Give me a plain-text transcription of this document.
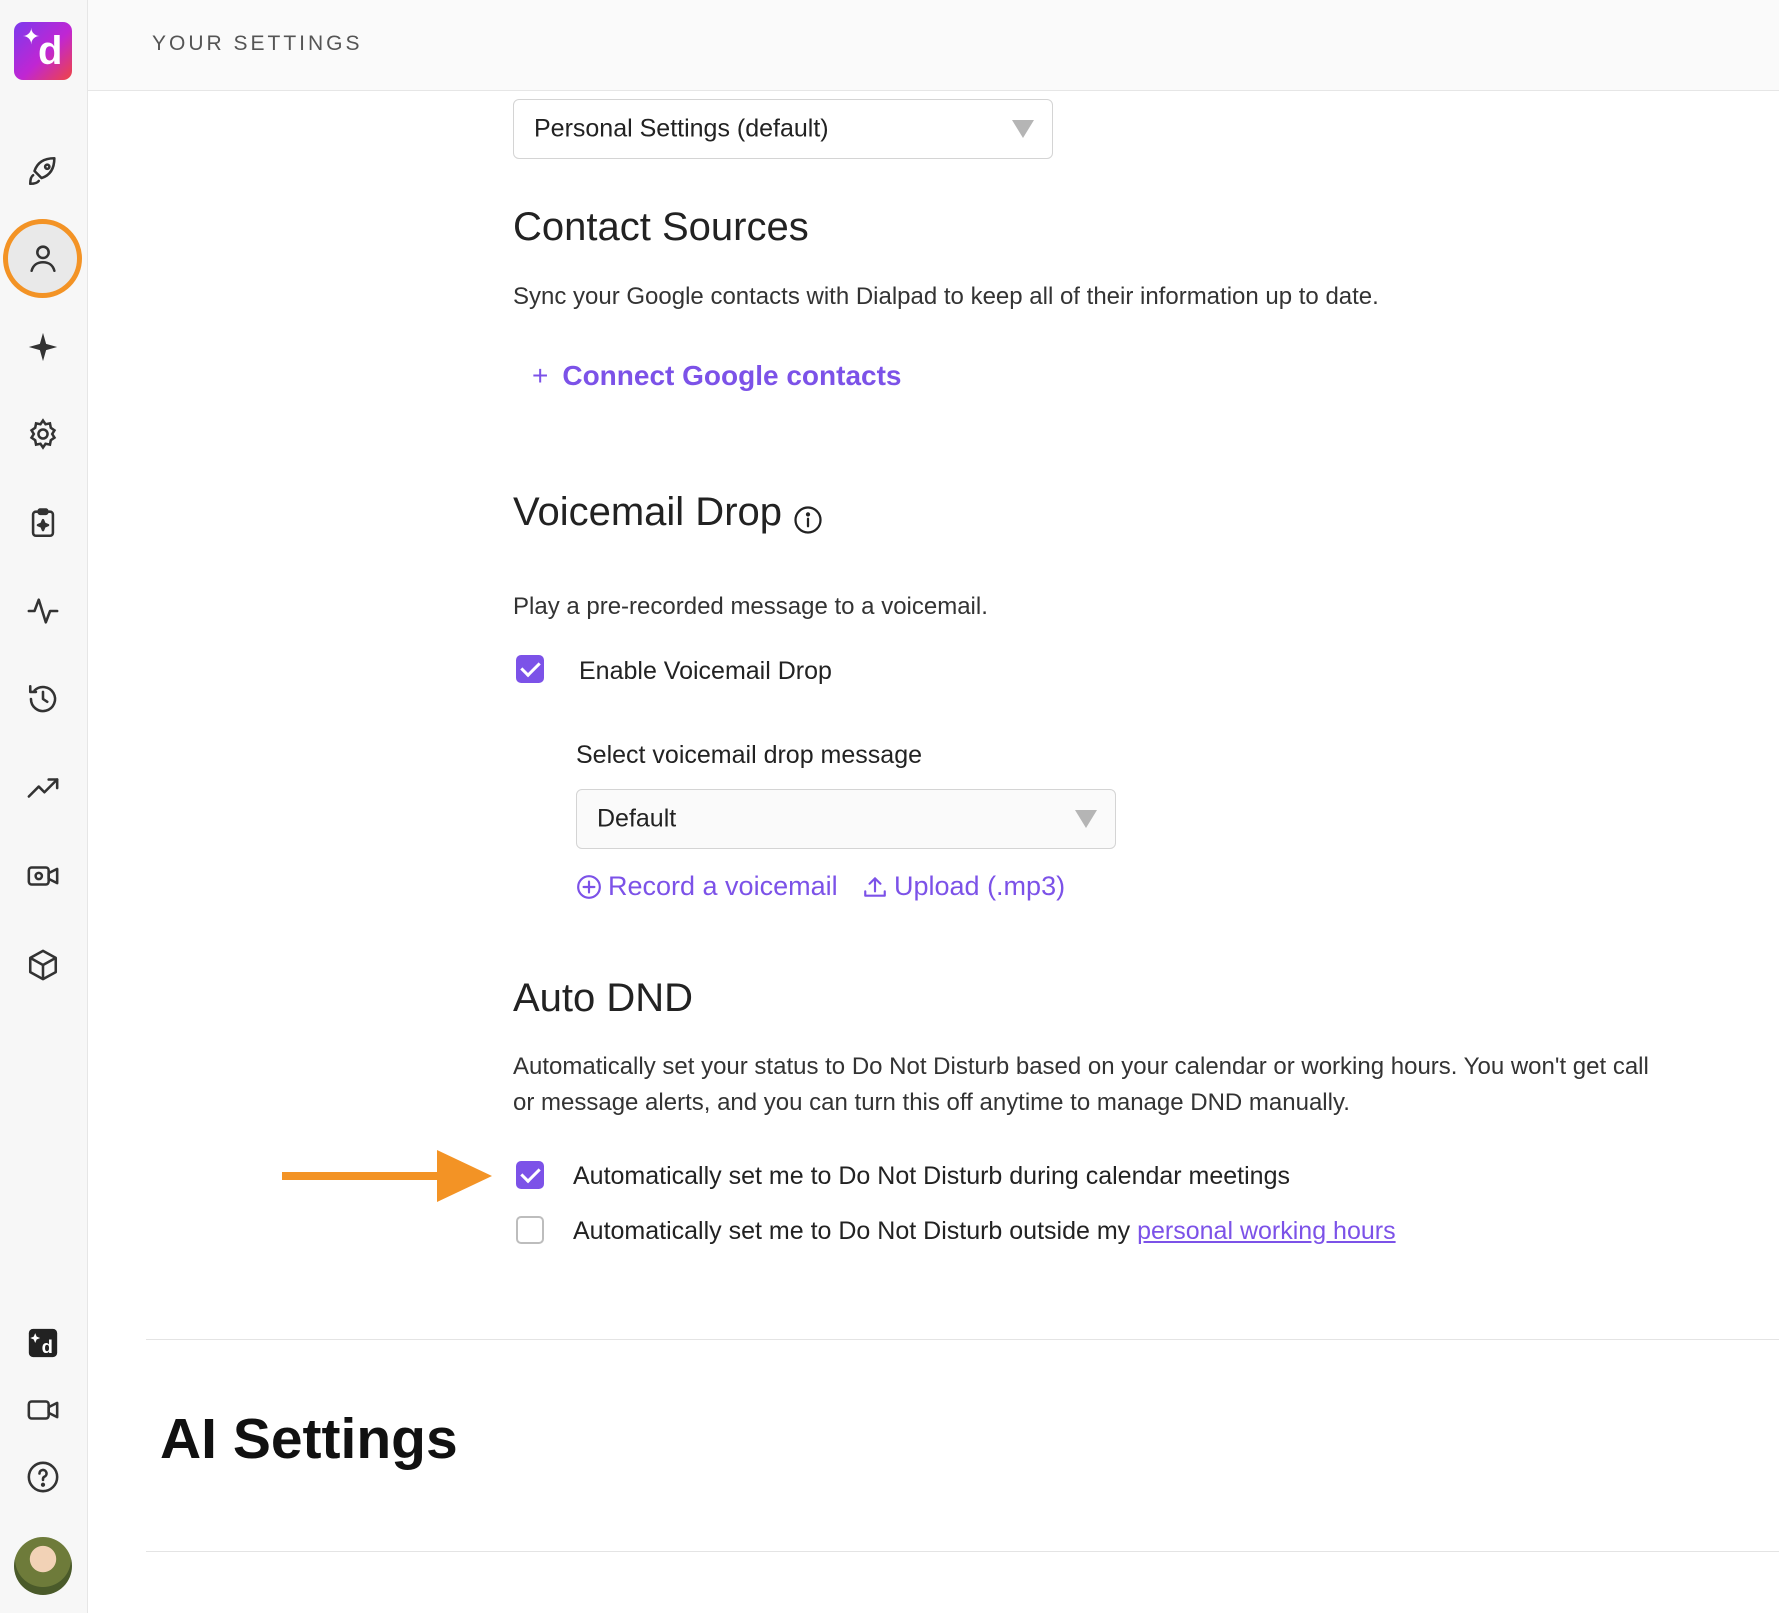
✦
d
d
YOUR SETTINGS
Personal Settings (default)
Contact Sources
Sync your Google contacts with Dialpad to keep all of their information up to date.
+ Connect Google contacts
Voicemail Drop
Play a pre-recorded message to a voicemail.
Enable Voicemail Drop
Select voicemail drop message
Default
Record a voicemail Upload (.mp3)
Auto DND
Automatically set your status to Do Not Disturb based on your calendar or working hours. You won't get call
or message alerts, and you can turn this off anytime to manage DND manually.
Automatically set me to Do Not Disturb during calendar meetings
Automatically set me to Do Not Disturb outside my personal working hours
AI Settings
